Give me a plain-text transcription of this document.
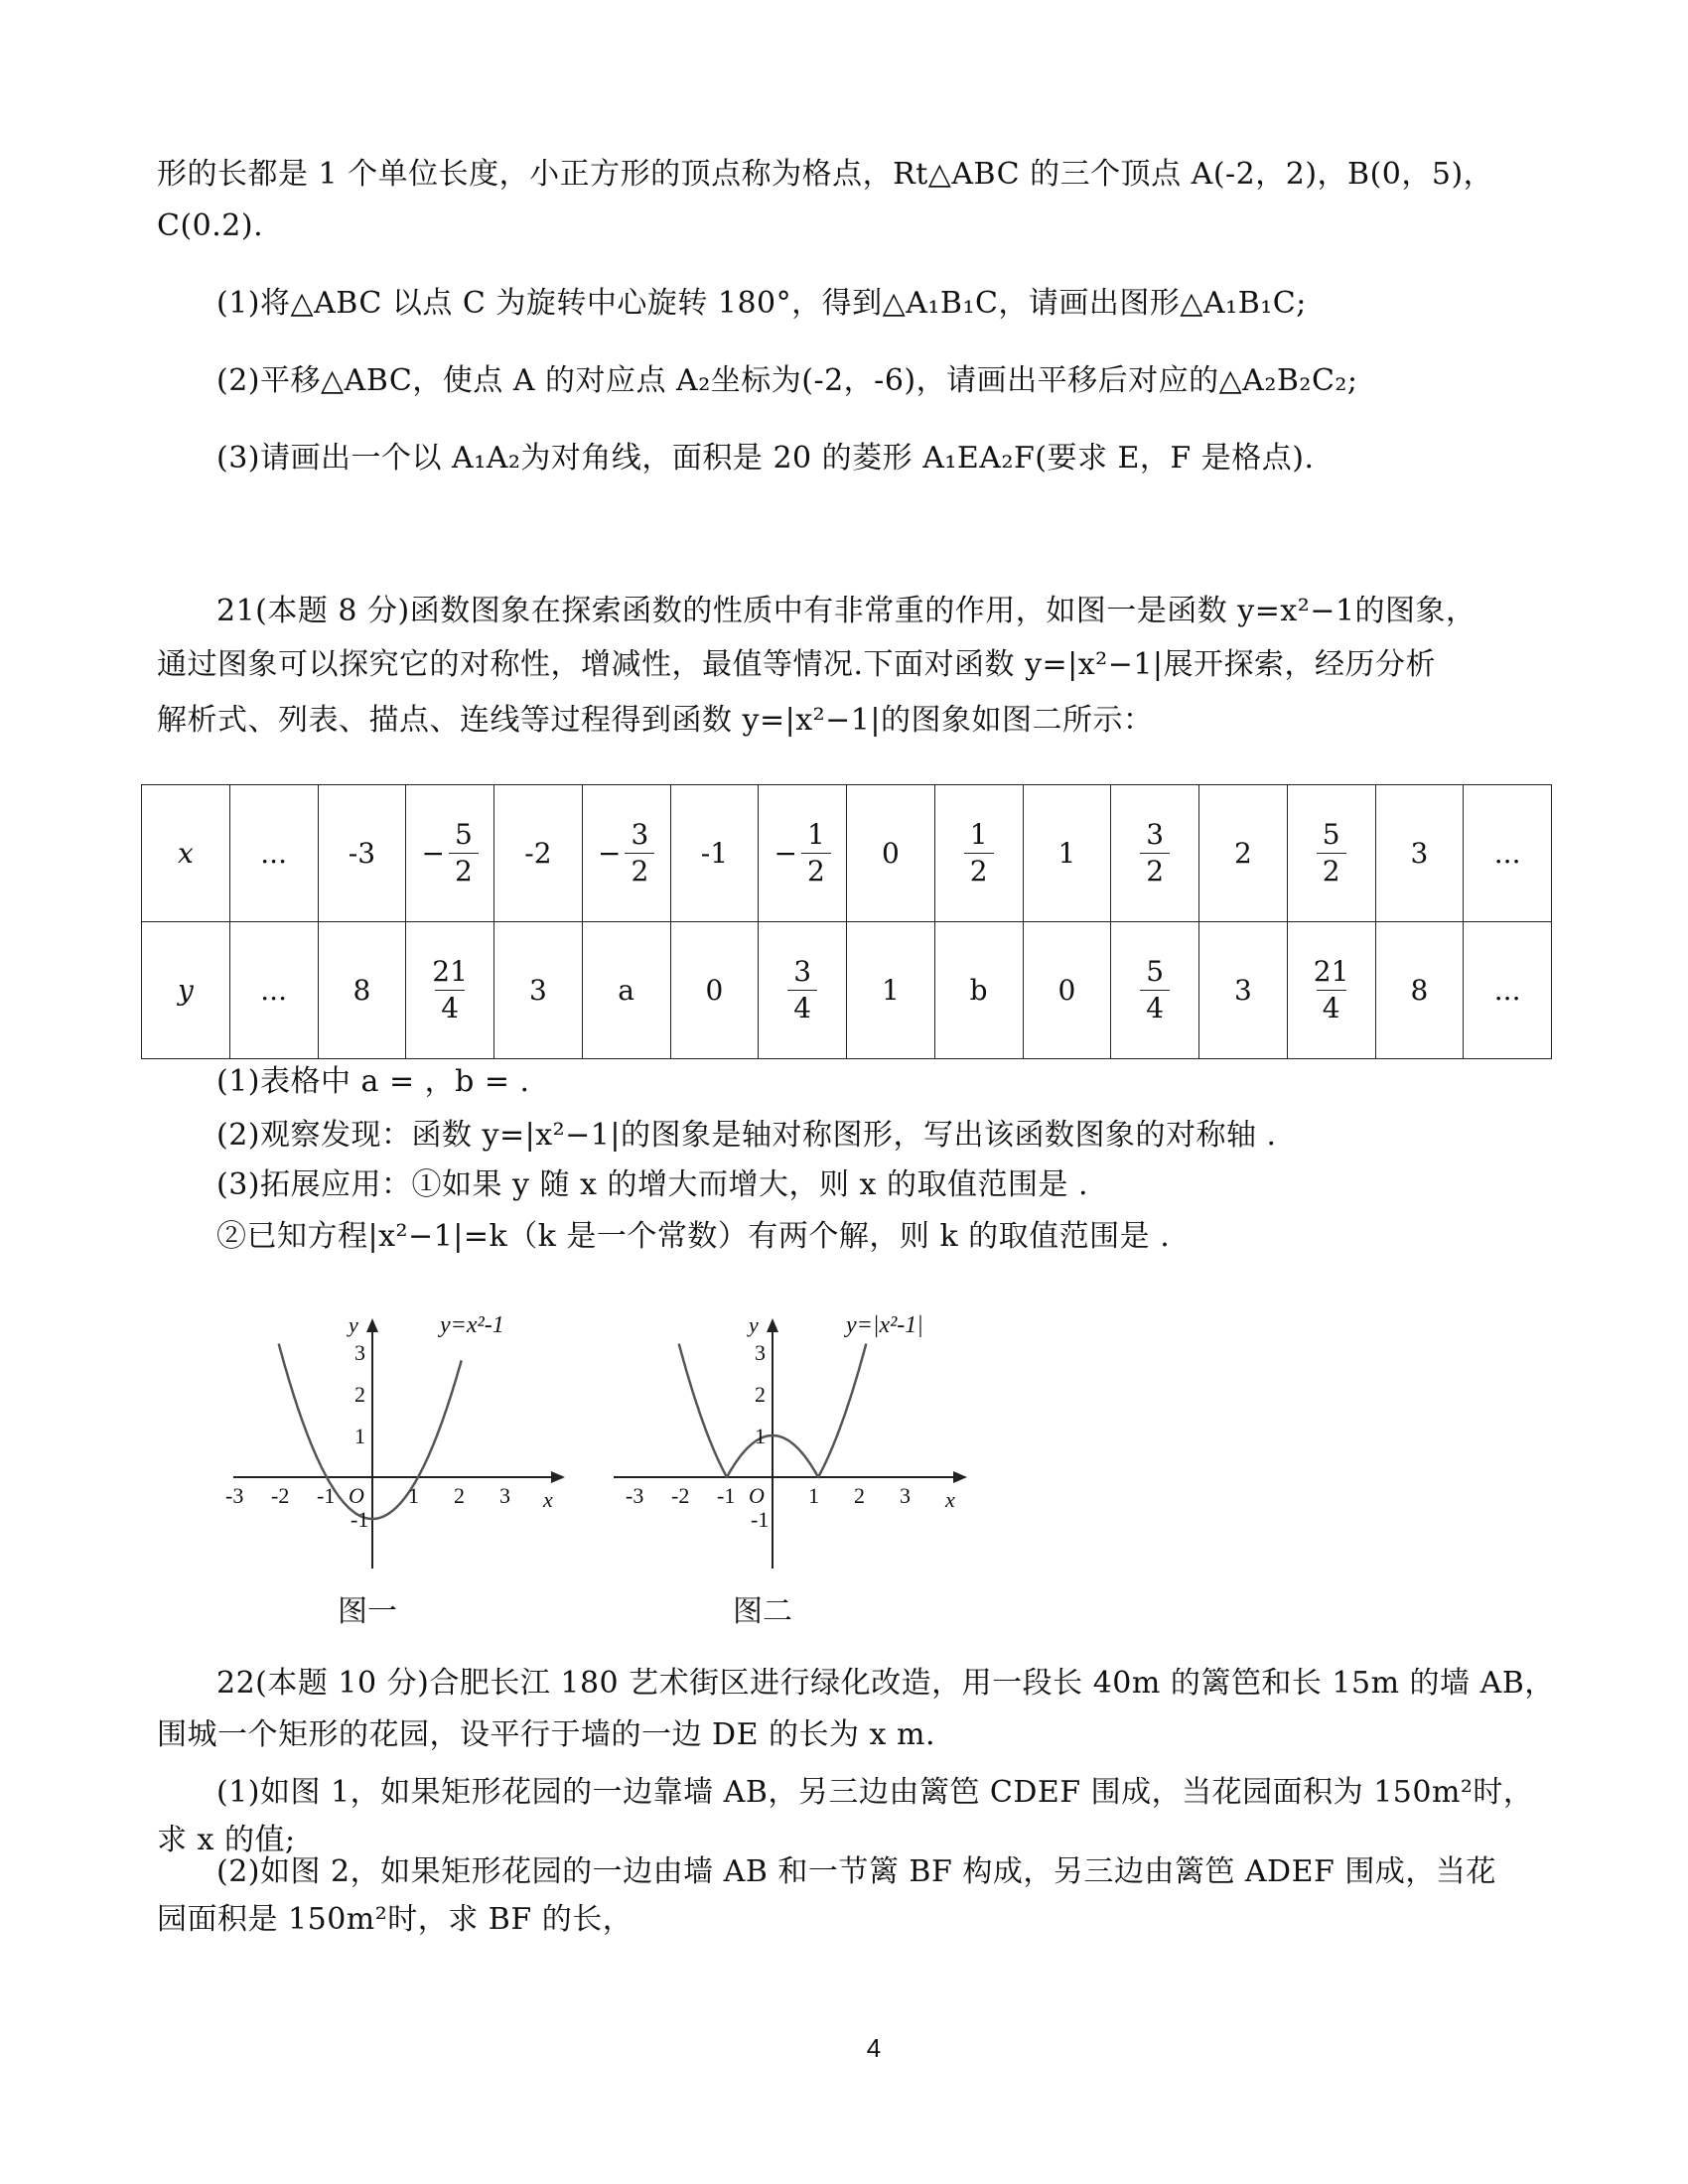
形的长都是 1 个单位长度，小正方形的顶点称为格点，Rt△ABC 的三个顶点 A(-2，2)，B(0，5)，
C(0.2).
(1)将△ABC 以点 C 为旋转中心旋转 180°，得到△A₁B₁C，请画出图形△A₁B₁C;
(2)平移△ABC，使点 A 的对应点 A₂坐标为(-2，-6)，请画出平移后对应的△A₂B₂C₂;
(3)请画出一个以 A₁A₂为对角线，面积是 20 的菱形 A₁EA₂F(要求 E，F 是格点).
21(本题 8 分)函数图象在探索函数的性质中有非常重的作用，如图一是函数 y=x²−1的图象，
通过图象可以探究它的对称性，增减性，最值等情况.下面对函数 y=|x²−1|展开探索，经历分析
解析式、列表、描点、连线等过程得到函数 y=|x²−1|的图象如图二所示：
x	...	-3	− $\frac{5}{2}$	-2	− $\frac{3}{2}$	-1	− $\frac{1}{2}$	0	$\frac{1}{2}$	1	$\frac{3}{2}$	2	$\frac{5}{2}$	3	...
y	...	8	$\frac{21}{4}$	3	a	0	$\frac{3}{4}$	1	b	0	$\frac{5}{4}$	3	$\frac{21}{4}$	8	...
(1)表格中 a = ，b = .
(2)观察发现：函数 y=|x²−1|的图象是轴对称图形，写出该函数图象的对称轴 .
(3)拓展应用：①如果 y 随 x 的增大而增大，则 x 的取值范围是 .
②已知方程|x²−1|=k（k 是一个常数）有两个解，则 k 的取值范围是 .
y
x
O
y=x²-1
-3 -2 -1	1 2 3
3
2
1
-1
图一
y
x
O
y=|x²-1|
-3 -2 -1	1 2 3
3
2
1
-1
图二
22(本题 10 分)合肥长江 180 艺术街区进行绿化改造，用一段长 40m 的篱笆和长 15m 的墙 AB，
围城一个矩形的花园，设平行于墙的一边 DE 的长为 x m.
(1)如图 1，如果矩形花园的一边靠墙 AB，另三边由篱笆 CDEF 围成，当花园面积为 150m²时，
求 x 的值;
(2)如图 2，如果矩形花园的一边由墙 AB 和一节篱 BF 构成，另三边由篱笆 ADEF 围成，当花
园面积是 150m²时，求 BF 的长，
4
